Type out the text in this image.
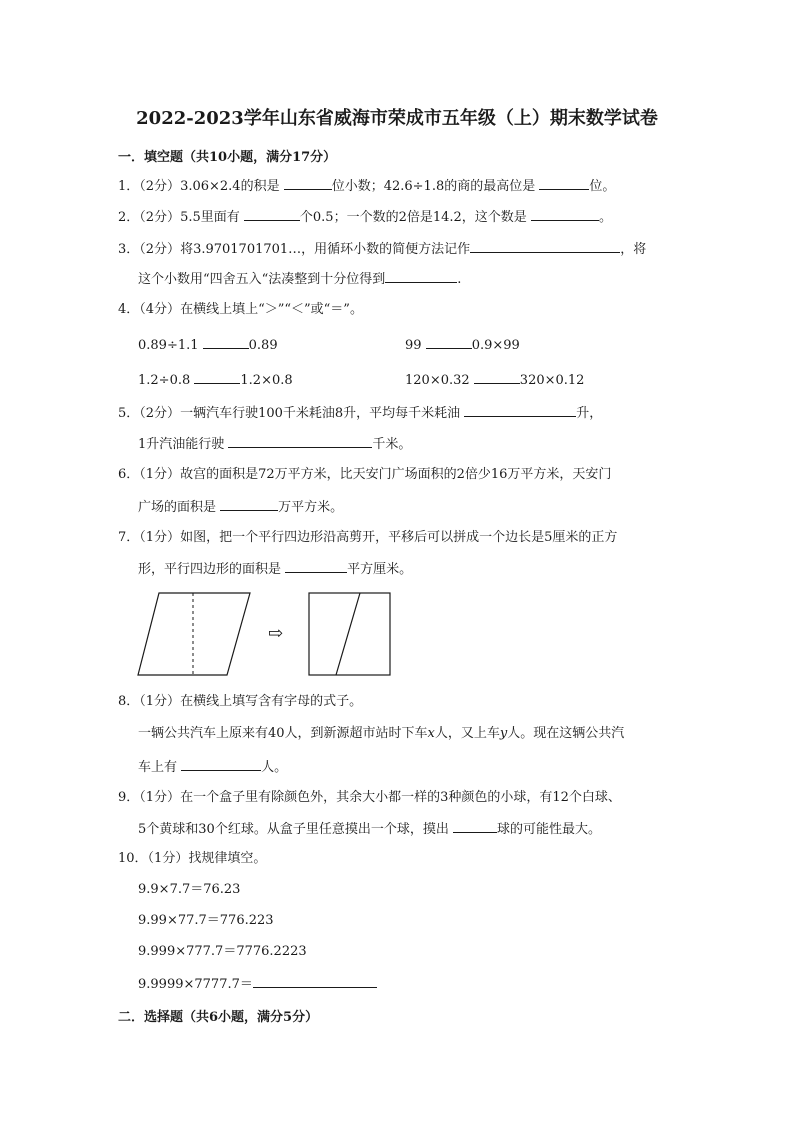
2022-2023学年山东省威海市荣成市五年级（上）期末数学试卷
一．填空题（共10小题，满分17分）
1．（2分）3.06×2.4的积是	位小数；42.6÷1.8的商的最高位是	位。
2．（2分）5.5里面有	个0.5；一个数的2倍是14.2，这个数是	。
3．（2分）将3.9701701701…，用循环小数的简便方法记作	，将
这个小数用“四舍五入“法凑整到十分位得到	.
4．（4分）在横线上填上“＞”“＜”或“＝”。
0.89÷1.1	0.89	99	0.9×99
1.2÷0.8	1.2×0.8	120×0.32	320×0.12
5．（2分）一辆汽车行驶100千米耗油8升，平均每千米耗油	升，
1升汽油能行驶	千米。
6．（1分）故宫的面积是72万平方米，比天安门广场面积的2倍少16万平方米，天安门
广场的面积是	万平方米。
7．（1分）如图，把一个平行四边形沿高剪开，平移后可以拼成一个边长是5厘米的正方
形，平行四边形的面积是	平方厘米。
⇨
8．（1分）在横线上填写含有字母的式子。
一辆公共汽车上原来有40人，到新源超市站时下车x人，又上车y人。现在这辆公共汽
车上有	人。
9．（1分）在一个盒子里有除颜色外，其余大小都一样的3种颜色的小球，有12个白球、
5个黄球和30个红球。从盒子里任意摸出一个球，摸出	球的可能性最大。
10．（1分）找规律填空。
9.9×7.7＝76.23
9.99×77.7＝776.223
9.999×777.7＝7776.2223
9.9999×7777.7＝
二．选择题（共6小题，满分5分）
